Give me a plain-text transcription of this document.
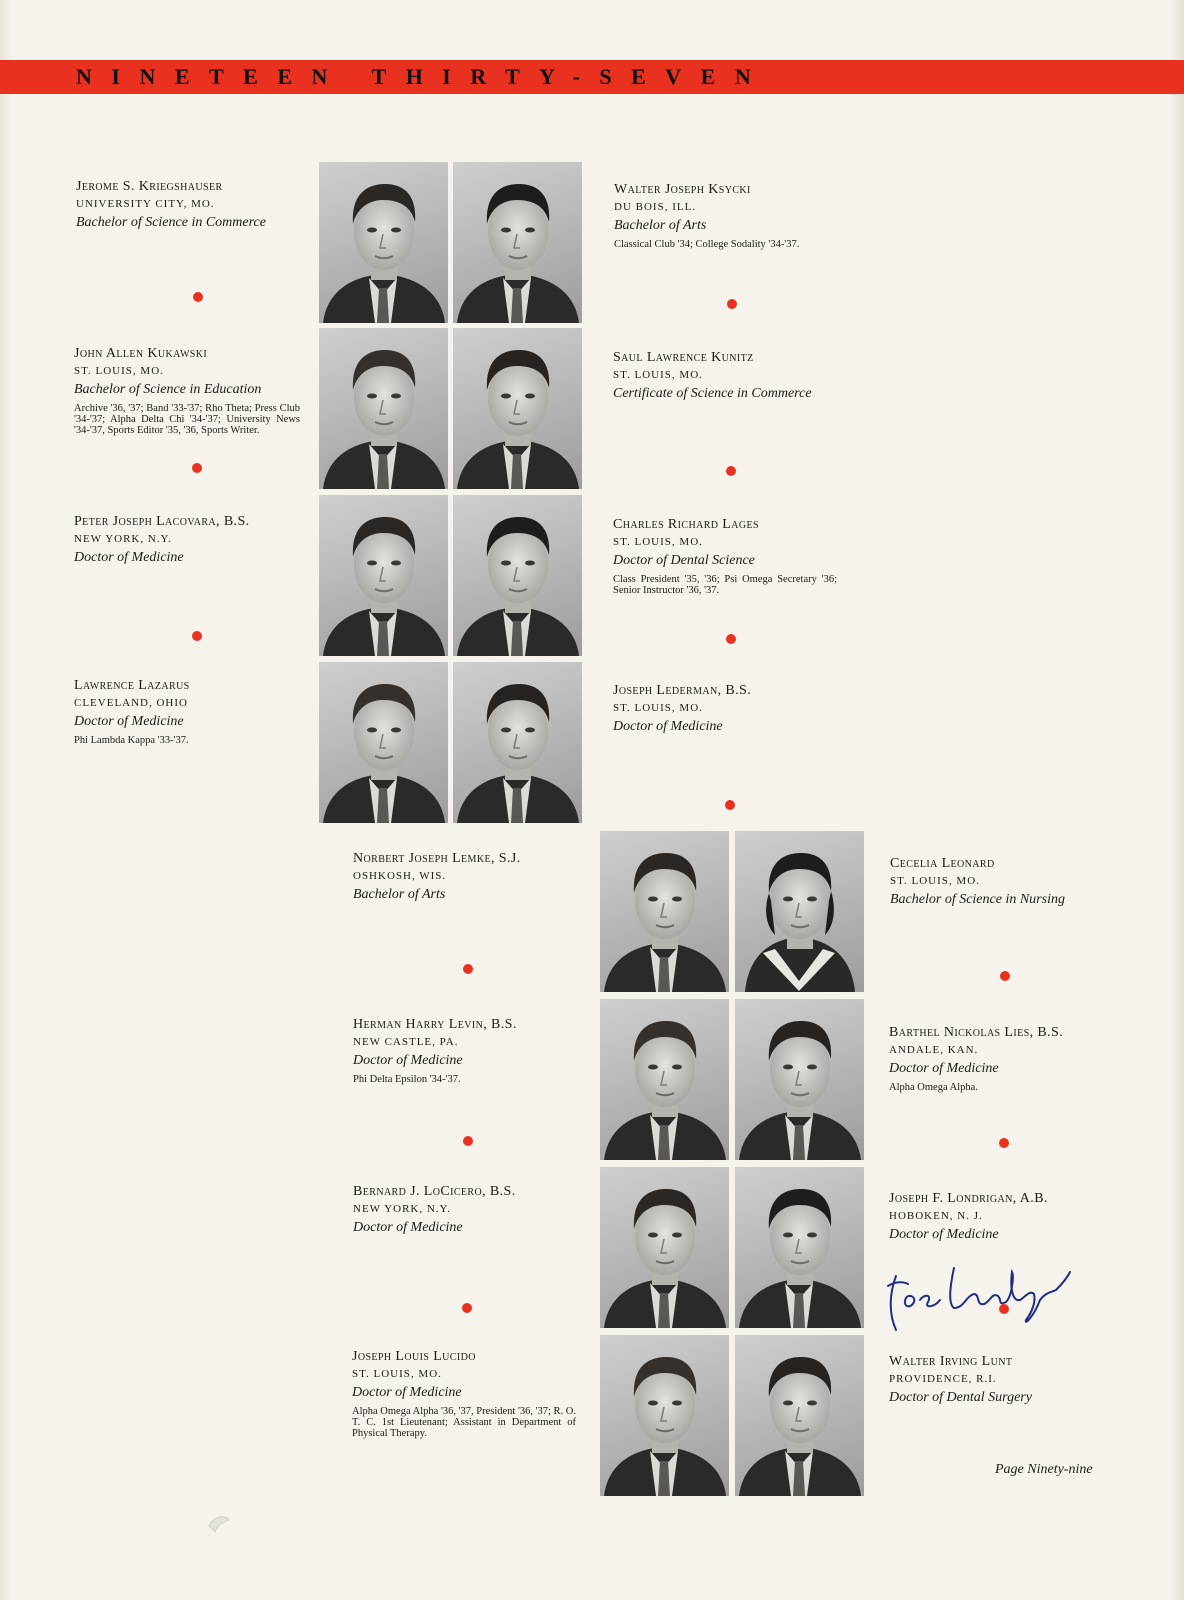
NINETEEN THIRTY-SEVEN
Jerome S. Kriegshauser
UNIVERSITY CITY, MO.
Bachelor of Science in Commerce
Walter Joseph Ksycki
DU BOIS, ILL.
Bachelor of Arts
Classical Club '34; College Sodality '34-'37.
John Allen Kukawski
ST. LOUIS, MO.
Bachelor of Science in Education
Archive '36, '37; Band '33-'37; Rho Theta; Press Club '34-'37; Alpha Delta Chi '34-'37; University News '34-'37, Sports Editor '35, '36, Sports Writer.
Saul Lawrence Kunitz
ST. LOUIS, MO.
Certificate of Science in Commerce
Peter Joseph Lacovara, B.S.
NEW YORK, N.Y.
Doctor of Medicine
Charles Richard Lages
ST. LOUIS, MO.
Doctor of Dental Science
Class President '35, '36; Psi Omega Secretary '36; Senior Instructor '36, '37.
Lawrence Lazarus
CLEVELAND, OHIO
Doctor of Medicine
Phi Lambda Kappa '33-'37.
Joseph Lederman, B.S.
ST. LOUIS, MO.
Doctor of Medicine
Norbert Joseph Lemke, S.J.
OSHKOSH, WIS.
Bachelor of Arts
Cecelia Leonard
ST. LOUIS, MO.
Bachelor of Science in Nursing
Herman Harry Levin, B.S.
NEW CASTLE, PA.
Doctor of Medicine
Phi Delta Epsilon '34-'37.
Barthel Nickolas Lies, B.S.
ANDALE, KAN.
Doctor of Medicine
Alpha Omega Alpha.
Bernard J. LoCicero, B.S.
NEW YORK, N.Y.
Doctor of Medicine
Joseph F. Londrigan, A.B.
HOBOKEN, N. J.
Doctor of Medicine
Joseph Louis Lucido
ST. LOUIS, MO.
Doctor of Medicine
Alpha Omega Alpha '36, '37, President '36, '37; R. O. T. C. 1st Lieutenant; Assistant in Department of Physical Therapy.
Walter Irving Lunt
PROVIDENCE, R.I.
Doctor of Dental Surgery
Page Ninety-nine
